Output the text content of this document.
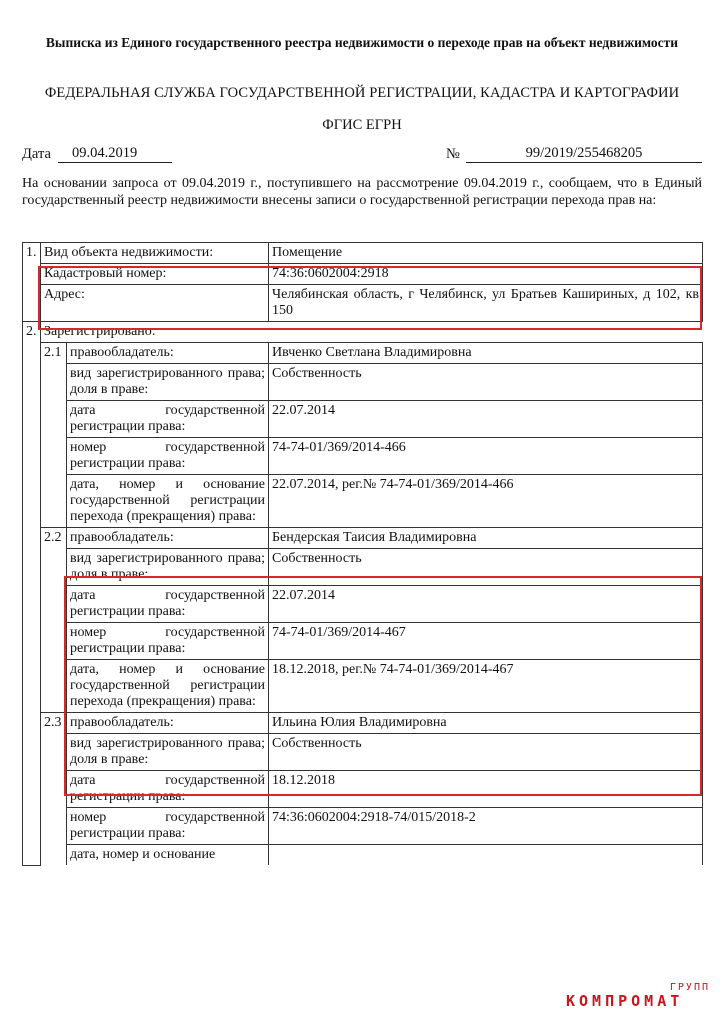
Выписка из Единого государственного реестра недвижимости о переходе прав на объект недвижимости
ФЕДЕРАЛЬНАЯ СЛУЖБА ГОСУДАРСТВЕННОЙ РЕГИСТРАЦИИ, КАДАСТРА И КАРТОГРАФИИ
ФГИС ЕГРН
Дата	09.04.2019	№	99/2019/255468205
На основании запроса от 09.04.2019 г., поступившего на рассмотрение 09.04.2019 г., сообщаем, что в Единый государственный реестр недвижимости внесены записи о государственной регистрации перехода прав на:
1.	Вид объекта недвижимости:		Помещение
	Кадастровый номер:		74:36:0602004:2918
	Адрес:		Челябинская область, г Челябинск, ул Братьев Кашириных, д 102, кв 150
2.	Зарегистрировано:		
	2.1	правообладатель:	Ивченко Светлана Владимировна
		вид зарегистрированного права; доля в праве:	Собственность
		дата государственной регистрации права:	22.07.2014
		номер государственной регистрации права:	74-74-01/369/2014-466
		дата, номер и основание государственной регистрации перехода (прекращения) права:	22.07.2014, рег.№ 74-74-01/369/2014-466
	2.2	правообладатель:	Бендерская Таисия Владимировна
		вид зарегистрированного права; доля в праве:	Собственность
		дата государственной регистрации права:	22.07.2014
		номер государственной регистрации права:	74-74-01/369/2014-467
		дата, номер и основание государственной регистрации перехода (прекращения) права:	18.12.2018, рег.№ 74-74-01/369/2014-467
	2.3	правообладатель:	Ильина Юлия Владимировна
		вид зарегистрированного права; доля в праве:	Собственность
		дата государственной регистрации права:	18.12.2018
		номер государственной регистрации права:	74:36:0602004:2918-74/015/2018-2
		дата, номер и основание	
ГРУПП
КОМПРОМАТ
